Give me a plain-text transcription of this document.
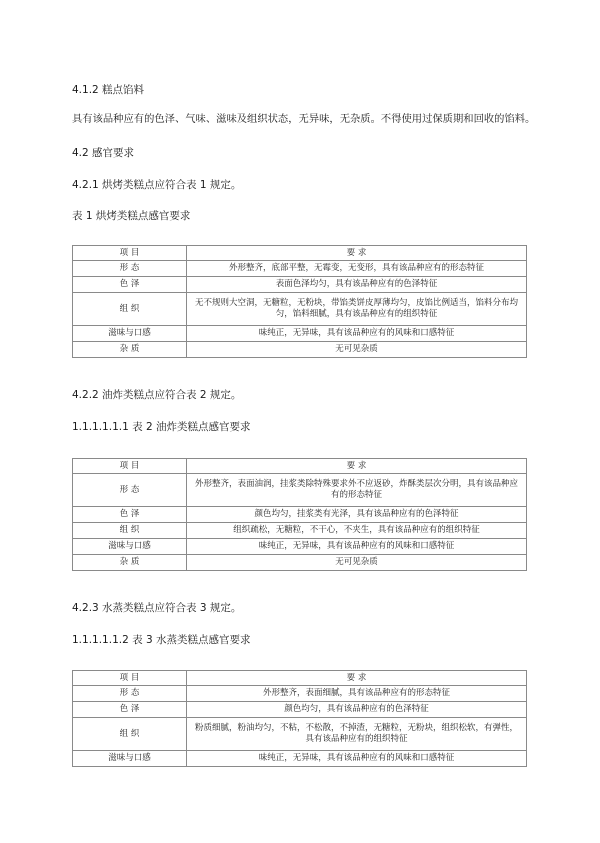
4.1.2 糕点馅料
具有该品种应有的色泽、气味、滋味及组织状态，无异味，无杂质。不得使用过保质期和回收的馅料。
4.2 感官要求
4.2.1 烘烤类糕点应符合表 1 规定。
表 1 烘烤类糕点感官要求
项 目	要 求
形 态	外形整齐，底部平整，无霉变，无变形，具有该品种应有的形态特征
色 泽	表面色泽均匀，具有该品种应有的色泽特征
组 织	无不规则大空洞，无糖粒，无粉块，带馅类饼皮厚薄均匀，皮馅比例适当，馅料分布均匀，馅料细腻，具有该品种应有的组织特征
滋味与口感	味纯正，无异味，具有该品种应有的风味和口感特征
杂 质	无可见杂质
4.2.2 油炸类糕点应符合表 2 规定。
1.1.1.1.1.1 表 2 油炸类糕点感官要求
项 目	要 求
形 态	外形整齐，表面油润，挂浆类除特殊要求外不应返砂，炸酥类层次分明，具有该品种应有的形态特征
色 泽	颜色均匀，挂浆类有光泽，具有该品种应有的色泽特征
组 织	组织疏松，无糖粒，不干心，不夹生，具有该品种应有的组织特征
滋味与口感	味纯正，无异味，具有该品种应有的风味和口感特征
杂 质	无可见杂质
4.2.3 水蒸类糕点应符合表 3 规定。
1.1.1.1.1.2 表 3 水蒸类糕点感官要求
项 目	要 求
形 态	外形整齐，表面细腻，具有该品种应有的形态特征
色 泽	颜色均匀，具有该品种应有的色泽特征
组 织	粉质细腻，粉油均匀，不粘，不松散，不掉渣，无糖粒，无粉块，组织松软，有弹性，具有该品种应有的组织特征
滋味与口感	味纯正，无异味，具有该品种应有的风味和口感特征
